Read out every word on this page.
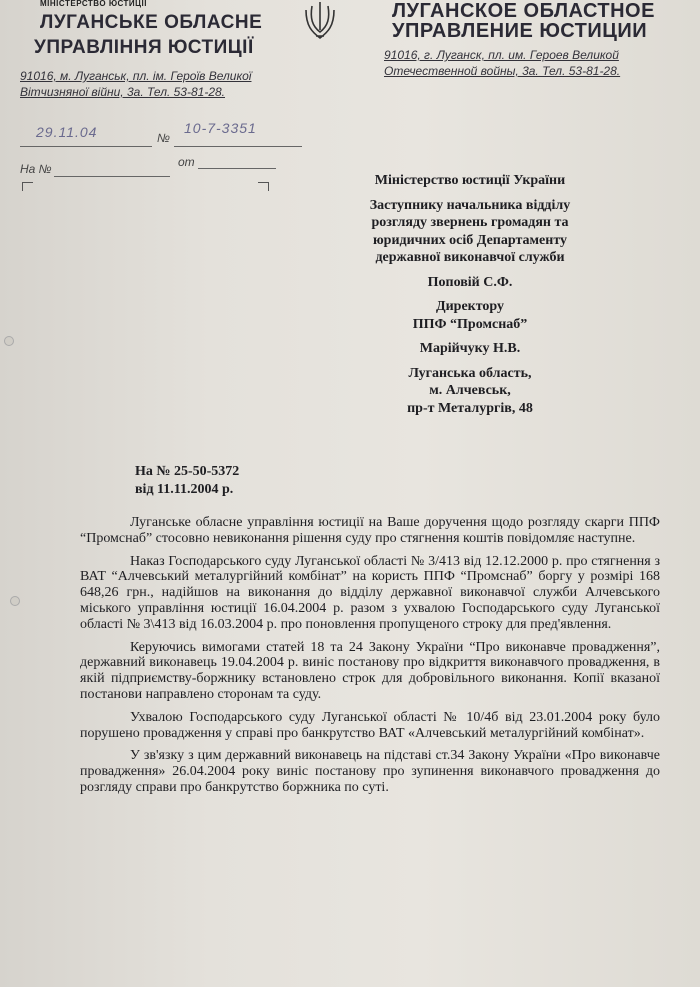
МІНІСТЕРСТВО ЮСТИЦІЇ
ЛУГАНСЬКЕ ОБЛАСНЕ
УПРАВЛІННЯ ЮСТИЦІЇ
ЛУГАНСКОЕ ОБЛАСТНОЕ
УПРАВЛЕНИЕ ЮСТИЦИИ
91016, м. Луганськ, пл. ім. Героїв Великої
Вітчизняної війни, 3а. Тел. 53-81-28.
91016, г. Луганск, пл. им. Героев Великой
Отечественной войны, 3а. Тел. 53-81-28.
29.11.04	№
10-7-3351
На №	от
Міністерство юстиції України
Заступнику начальника відділу
розгляду звернень громадян та
юридичних осіб Департаменту
державної виконавчої служби
Поповій С.Ф.
Директору
ППФ “Промснаб”
Марійчуку Н.В.
Луганська область,
м. Алчевськ,
пр-т Металургів, 48
На № 25-50-5372
від 11.11.2004 р.

Луганське обласне управління юстиції на Ваше доручення щодо розгляду скарги ППФ “Промснаб” стосовно невиконання рішення суду про стягнення коштів повідомляє наступне.

Наказ Господарського суду Луганської області № 3/413 від 12.12.2000 р. про стягнення з ВАТ “Алчевський металургійний комбінат” на користь ППФ “Промснаб” боргу у розмірі 168 648,26 грн., надійшов на виконання до відділу державної виконавчої служби Алчевського міського управління юстиції 16.04.2004 р. разом з ухвалою Господарського суду Луганської області № 3\413 від 16.03.2004 р. про поновлення пропущеного строку для пред'явлення.

Керуючись вимогами статей 18 та 24 Закону України “Про виконавче провадження”, державний виконавець 19.04.2004 р. виніс постанову про відкриття виконавчого провадження, в якій підприємству-боржнику встановлено строк для добровільного виконання. Копії вказаної постанови направлено сторонам та суду.

Ухвалою Господарського суду Луганської області № 10/4б від 23.01.2004 року було порушено провадження у справі про банкрутство ВАТ «Алчевський металургійний комбінат».

У зв'язку з цим державний виконавець на підставі ст.34 Закону України «Про виконавче провадження» 26.04.2004 року виніс постанову про зупинення виконавчого провадження до розгляду справи про банкрутство боржника по суті.
